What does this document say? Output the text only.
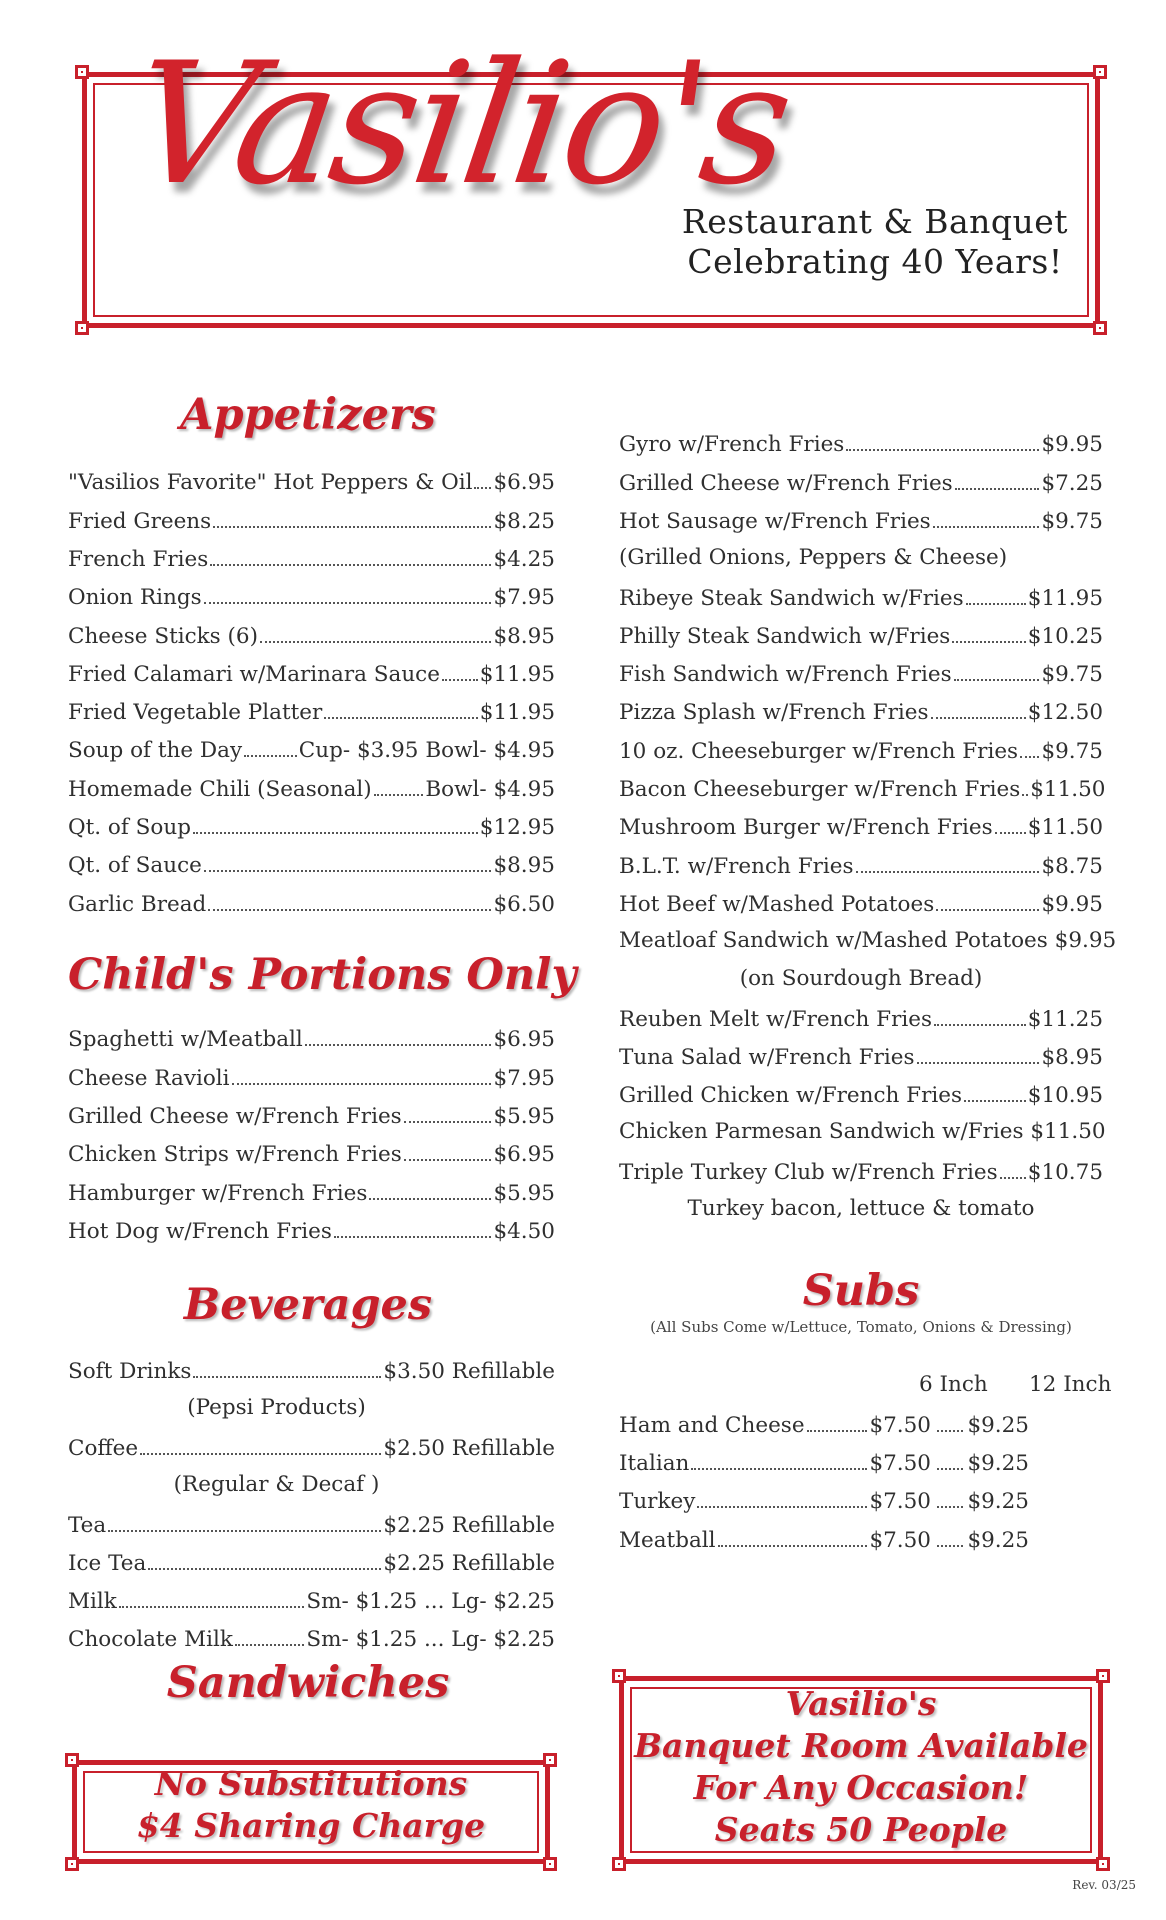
Vasilio's
Restaurant & Banquet
Celebrating 40 Years!
Appetizers
"Vasilios Favorite" Hot Peppers & Oil $6.95
Fried Greens	$8.25
French Fries	$4.25
Onion Rings	$7.95
Cheese Sticks (6)	$8.95
Fried Calamari w/Marinara Sauce $11.95
Fried Vegetable Platter	$11.95
Soup of the Day	Cup- $3.95 Bowl- $4.95
Homemade Chili (Seasonal) Bowl- $4.95
Qt. of Soup	$12.95
Qt. of Sauce	$8.95
Garlic Bread	$6.50
Child's Portions Only
Spaghetti w/Meatball	$6.95
Cheese Ravioli	$7.95
Grilled Cheese w/French Fries	$5.95
Chicken Strips w/French Fries	$6.95
Hamburger w/French Fries	$5.95
Hot Dog w/French Fries	$4.50
Beverages
Soft Drinks	$3.50 Refillable
(Pepsi Products)
Coffee	$2.50 Refillable
(Regular & Decaf )
Tea	$2.25 Refillable
Ice Tea	$2.25 Refillable
Milk	Sm- $1.25 ... Lg- $2.25
Chocolate Milk	Sm- $1.25 ... Lg- $2.25
Sandwiches
No Substitutions
$4 Sharing Charge
Gyro w/French Fries	$9.95
Grilled Cheese w/French Fries	$7.25
Hot Sausage w/French Fries	$9.75
(Grilled Onions, Peppers & Cheese)
Ribeye Steak Sandwich w/Fries	$11.95
Philly Steak Sandwich w/Fries	$10.25
Fish Sandwich w/French Fries	$9.75
Pizza Splash w/French Fries	$12.50
10 oz. Cheeseburger w/French Fries $9.75
Bacon Cheeseburger w/French Fries $11.50
Mushroom Burger w/French Fries $11.50
B.L.T. w/French Fries	$8.75
Hot Beef w/Mashed Potatoes	$9.95
Meatloaf Sandwich w/Mashed Potatoes $9.95
(on Sourdough Bread)
Reuben Melt w/French Fries	$11.25
Tuna Salad w/French Fries	$8.95
Grilled Chicken w/French Fries	$10.95
Chicken Parmesan Sandwich w/Fries $11.50
Triple Turkey Club w/French Fries $10.75
Turkey bacon, lettuce & tomato
Subs
(All Subs Come w/Lettuce, Tomato, Onions & Dressing)
6 Inch 12 Inch
Ham and Cheese	$7.50 $9.25
Italian	$7.50 $9.25
Turkey	$7.50 $9.25
Meatball	$7.50 $9.25
Vasilio's
Banquet Room Available
For Any Occasion!
Seats 50 People
Rev. 03/25
